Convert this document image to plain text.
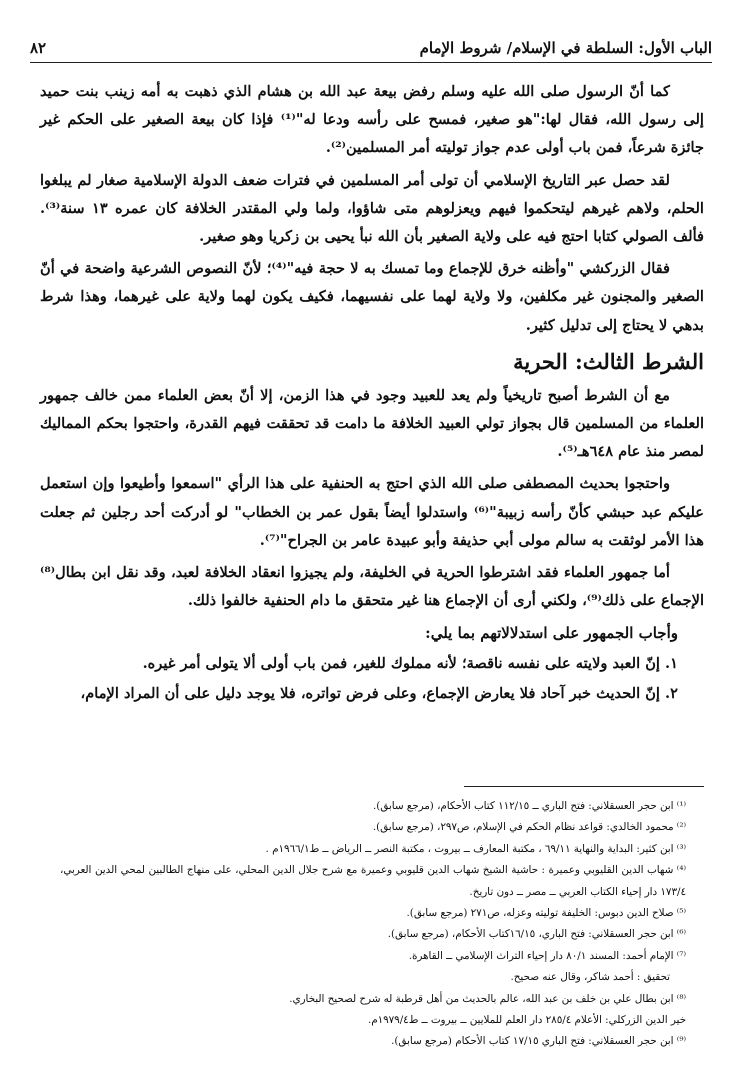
الباب الأول: السلطة في الإسلام/ شروط الإمام
٨٢

كما أنّ الرسول صلى الله عليه وسلم رفض بيعة عبد الله بن هشام الذي ذهبت به أمه زينب بنت حميد إلى رسول الله، فقال لها:"هو صغير، فمسح على رأسه ودعا له"⁽¹⁾ فإذا كان بيعة الصغير على الحكم غير جائزة شرعاً، فمن باب أولى عدم جواز توليته أمر المسلمين⁽²⁾.

لقد حصل عبر التاريخ الإسلامي أن تولى أمر المسلمين في فترات ضعف الدولة الإسلامية صغار لم يبلغوا الحلم، ولاهم غيرهم ليتحكموا فيهم ويعزلوهم متى شاؤوا، ولما ولي المقتدر الخلافة كان عمره ١٣ سنة⁽³⁾. فألف الصولي كتابا احتج فيه على ولاية الصغير بأن الله نبأ يحيى بن زكريا وهو صغير.

فقال الزركشي "وأظنه خرق للإجماع وما تمسك به لا حجة فيه"⁽⁴⁾؛ لأنّ النصوص الشرعية واضحة في أنّ الصغير والمجنون غير مكلفين، ولا ولاية لهما على نفسيهما، فكيف يكون لهما ولاية على غيرهما، وهذا شرط بدهي لا يحتاج إلى تدليل كثير.

الشرط الثالث: الحرية

مع أن الشرط أصبح تاريخياً ولم يعد للعبيد وجود في هذا الزمن، إلا أنّ بعض العلماء ممن خالف جمهور العلماء من المسلمين قال بجواز تولي العبيد الخلافة ما دامت قد تحققت فيهم القدرة، واحتجوا بحكم المماليك لمصر منذ عام ٦٤٨هـ⁽⁵⁾.

واحتجوا بحديث المصطفى صلى الله الذي احتج به الحنفية على هذا الرأي "اسمعوا وأطيعوا وإن استعمل عليكم عبد حبشي كأنّ رأسه زبيبة"⁽⁶⁾ واستدلوا أيضاً بقول عمر بن الخطاب" لو أدركت أحد رجلين ثم جعلت هذا الأمر لوثقت به سالم مولى أبي حذيفة وأبو عبيدة عامر بن الجراح"⁽⁷⁾.

أما جمهور العلماء فقد اشترطوا الحرية في الخليفة، ولم يجيزوا انعقاد الخلافة لعبد، وقد نقل ابن بطال⁽⁸⁾ الإجماع على ذلك⁽⁹⁾، ولكني أرى أن الإجماع هنا غير متحقق ما دام الحنفية خالفوا ذلك.

وأجاب الجمهور على استدلالاتهم بما يلي:

١. إنّ العبد ولايته على نفسه ناقصة؛ لأنه مملوك للغير، فمن باب أولى ألا يتولى أمر غيره.
٢. إنّ الحديث خبر آحاد فلا يعارض الإجماع، وعلى فرض تواتره، فلا يوجد دليل على أن المراد الإمام،

⁽¹⁾ ابن حجر العسقلاني: فتح الباري ــ ١١٢/١٥ كتاب الأحكام، (مرجع سابق).

⁽²⁾ محمود الخالدي: قواعد نظام الحكم في الإسلام، ص٢٩٧، (مرجع سابق).

⁽³⁾ ابن كثير: البداية والنهاية ٦٩/١١ ، مكتبة المعارف ــ بيروت ، مكتبة النصر ــ الرياض ــ ط١٩٦٦/١م .

⁽⁴⁾ شهاب الدين القليوبي وعميرة : حاشية الشيخ شهاب الدين قليوبي وعميرة مع شرح جلال الدين المحلي، على منهاج الطالبين لمحي الدين العربي، ١٧٣/٤ دار إحياء الكتاب العربي ــ مصر ــ دون تاريخ.

⁽⁵⁾ صلاح الدين دبوس: الخليفة توليته وعزله، ص٢٧١ (مرجع سابق).

⁽⁶⁾ ابن حجر العسقلاني: فتح الباري، ١٦/١٥كتاب الأحكام، (مرجع سابق).

⁽⁷⁾ الإمام أحمد: المسند ٨٠/١ دار إحياء التراث الإسلامي ــ القاهرة.

تحقيق : أحمد شاكر، وقال عنه صحيح.

⁽⁸⁾ ابن بطال علي بن خلف بن عبد الله، عالم بالحديث من أهل قرطبة له شرح لصحيح البخاري.

خير الدين الزركلي: الأعلام ٢٨٥/٤ دار العلم للملايين ــ بيروت ــ ط١٩٧٩/٤م.

⁽⁹⁾ ابن حجر العسقلاني: فتح الباري ١٧/١٥ كتاب الأحكام (مرجع سابق).
